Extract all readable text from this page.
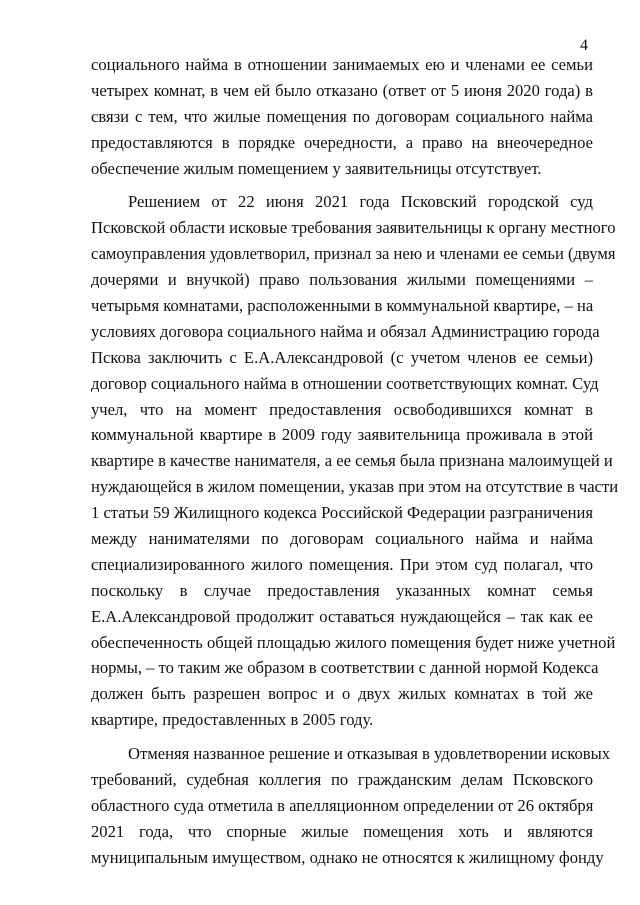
4
социального найма в отношении занимаемых ею и членами ее семьи
четырех комнат, в чем ей было отказано (ответ от 5 июня 2020 года) в
связи с тем, что жилые помещения по договорам социального найма
предоставляются в порядке очередности, а право на внеочередное
обеспечение жилым помещением у заявительницы отсутствует.
Решением от 22 июня 2021 года Псковский городской суд
Псковской области исковые требования заявительницы к органу местного
самоуправления удовлетворил, признал за нею и членами ее семьи (двумя
дочерями и внучкой) право пользования жилыми помещениями –
четырьмя комнатами, расположенными в коммунальной квартире, – на
условиях договора социального найма и обязал Администрацию города
Пскова заключить с Е.А.Александровой (с учетом членов ее семьи)
договор социального найма в отношении соответствующих комнат. Суд
учел, что на момент предоставления освободившихся комнат в
коммунальной квартире в 2009 году заявительница проживала в этой
квартире в качестве нанимателя, а ее семья была признана малоимущей и
нуждающейся в жилом помещении, указав при этом на отсутствие в части
1 статьи 59 Жилищного кодекса Российской Федерации разграничения
между нанимателями по договорам социального найма и найма
специализированного жилого помещения. При этом суд полагал, что
поскольку в случае предоставления указанных комнат семья
Е.А.Александровой продолжит оставаться нуждающейся – так как ее
обеспеченность общей площадью жилого помещения будет ниже учетной
нормы, – то таким же образом в соответствии с данной нормой Кодекса
должен быть разрешен вопрос и о двух жилых комнатах в той же
квартире, предоставленных в 2005 году.
Отменяя названное решение и отказывая в удовлетворении исковых
требований, судебная коллегия по гражданским делам Псковского
областного суда отметила в апелляционном определении от 26 октября
2021 года, что спорные жилые помещения хоть и являются
муниципальным имуществом, однако не относятся к жилищному фонду
